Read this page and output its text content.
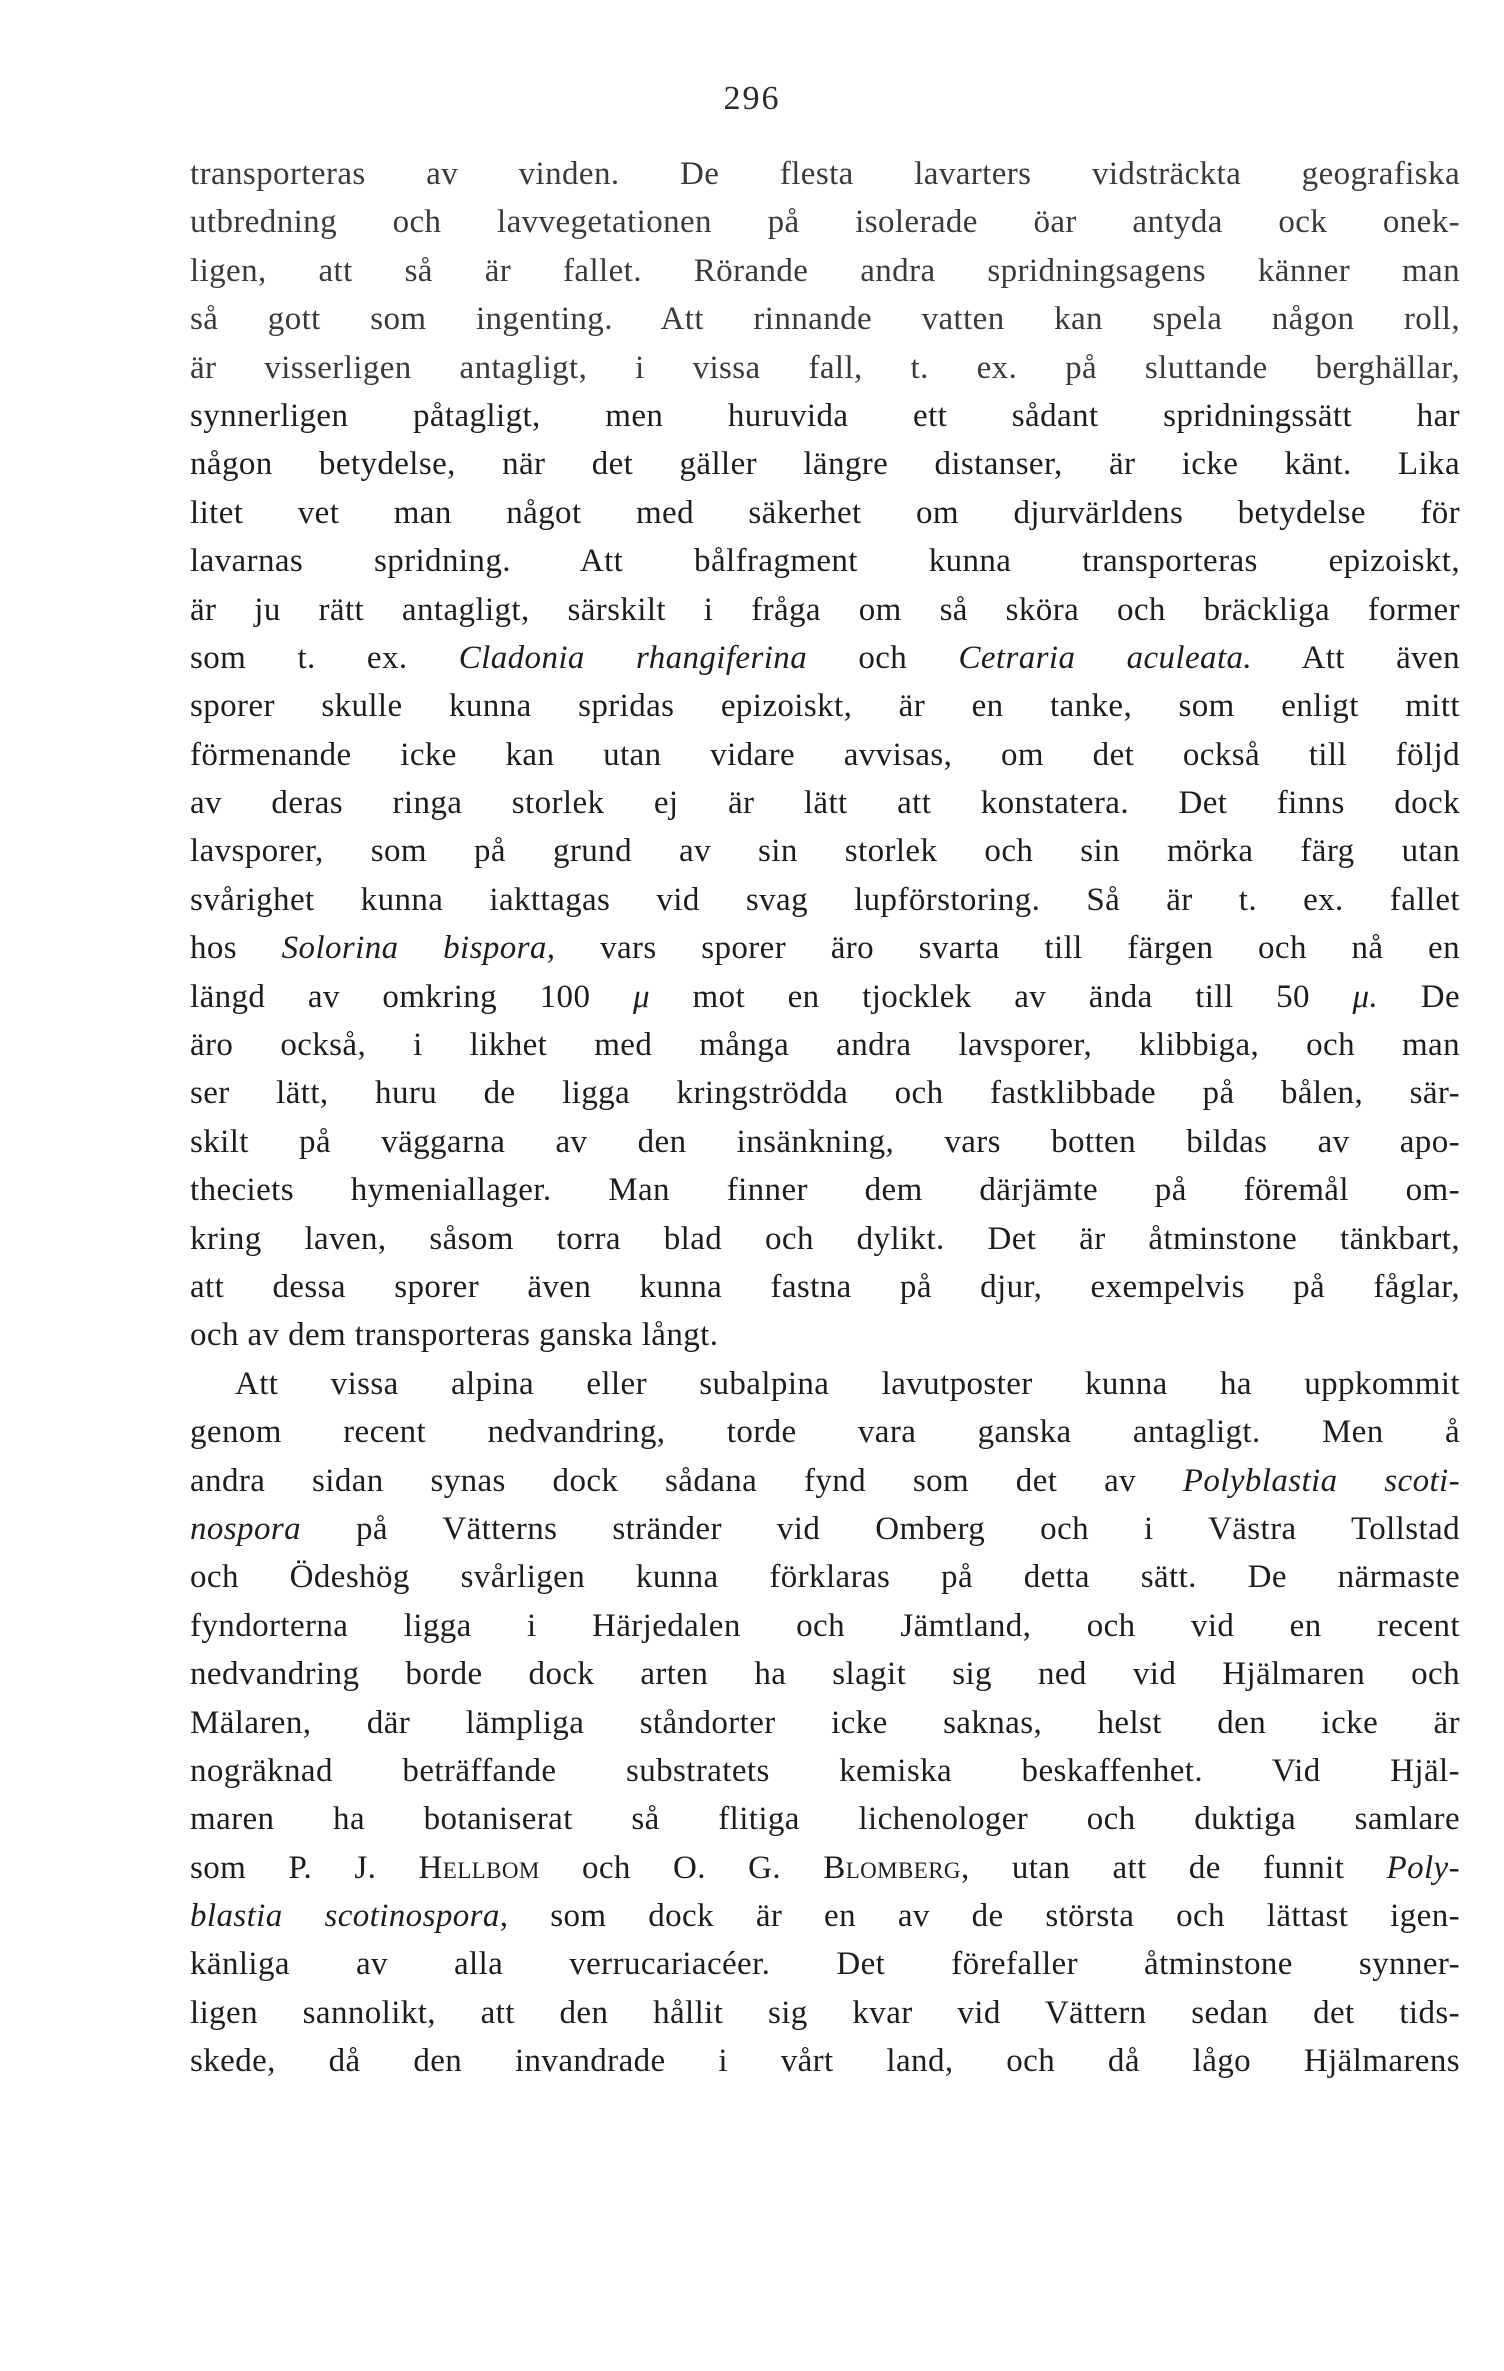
296
transporteras av vinden. De flesta lavarters vidsträckta geografiska
utbredning och lavvegetationen på isolerade öar antyda ock onek-
ligen, att så är fallet. Rörande andra spridningsagens känner man
så gott som ingenting. Att rinnande vatten kan spela någon roll,
är visserligen antagligt, i vissa fall, t. ex. på sluttande berghällar,
synnerligen påtagligt, men huruvida ett sådant spridningssätt har
någon betydelse, när det gäller längre distanser, är icke känt. Lika
litet vet man något med säkerhet om djurvärldens betydelse för
lavarnas spridning. Att bålfragment kunna transporteras epizoiskt,
är ju rätt antagligt, särskilt i fråga om så sköra och bräckliga former
som t. ex. Cladonia rhangiferina och Cetraria aculeata. Att även
sporer skulle kunna spridas epizoiskt, är en tanke, som enligt mitt
förmenande icke kan utan vidare avvisas, om det också till följd
av deras ringa storlek ej är lätt att konstatera. Det finns dock
lavsporer, som på grund av sin storlek och sin mörka färg utan
svårighet kunna iakttagas vid svag lupförstoring. Så är t. ex. fallet
hos Solorina bispora, vars sporer äro svarta till färgen och nå en
längd av omkring 100 μ mot en tjocklek av ända till 50 μ. De
äro också, i likhet med många andra lavsporer, klibbiga, och man
ser lätt, huru de ligga kringströdda och fastklibbade på bålen, sär-
skilt på väggarna av den insänkning, vars botten bildas av apo-
theciets hymeniallager. Man finner dem därjämte på föremål om-
kring laven, såsom torra blad och dylikt. Det är åtminstone tänkbart,
att dessa sporer även kunna fastna på djur, exempelvis på fåglar,
och av dem transporteras ganska långt.
Att vissa alpina eller subalpina lavutposter kunna ha uppkommit
genom recent nedvandring, torde vara ganska antagligt. Men å
andra sidan synas dock sådana fynd som det av Polyblastia scoti-
nospora på Vätterns stränder vid Omberg och i Västra Tollstad
och Ödeshög svårligen kunna förklaras på detta sätt. De närmaste
fyndorterna ligga i Härjedalen och Jämtland, och vid en recent
nedvandring borde dock arten ha slagit sig ned vid Hjälmaren och
Mälaren, där lämpliga ståndorter icke saknas, helst den icke är
nogräknad beträffande substratets kemiska beskaffenhet. Vid Hjäl-
maren ha botaniserat så flitiga lichenologer och duktiga samlare
som P. J. Hellbom och O. G. Blomberg, utan att de funnit Poly-
blastia scotinospora, som dock är en av de största och lättast igen-
känliga av alla verrucariacéer. Det förefaller åtminstone synner-
ligen sannolikt, att den hållit sig kvar vid Vättern sedan det tids-
skede, då den invandrade i vårt land, och då lågo Hjälmarens
